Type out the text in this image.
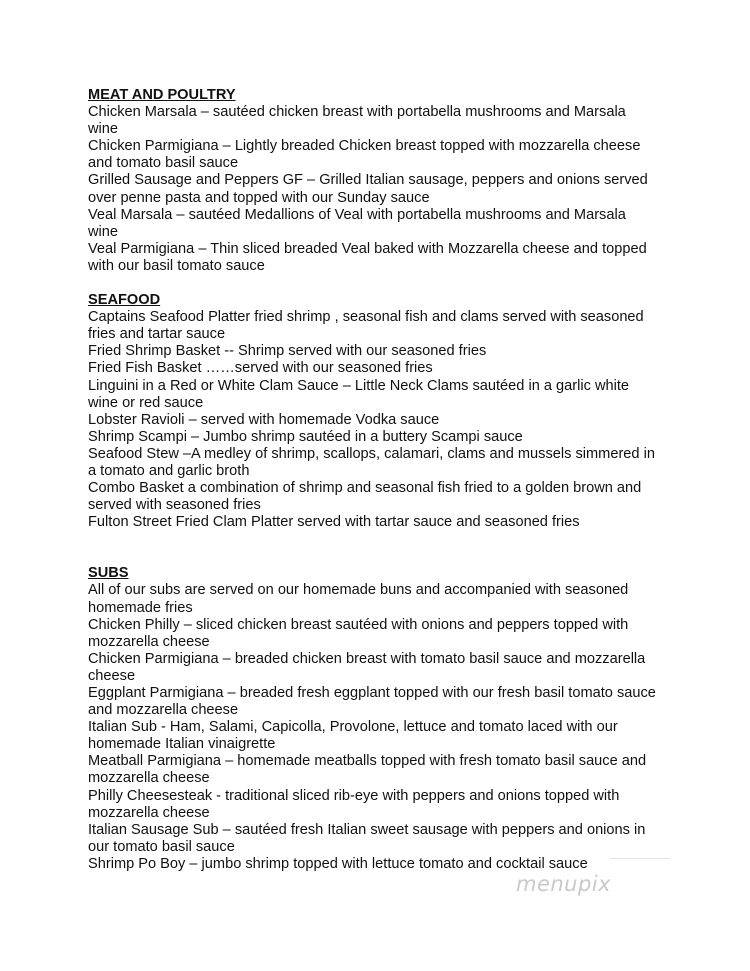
MEAT AND POULTRY

Chicken Marsala – sautéed chicken breast with portabella mushrooms and Marsala
wine

Chicken Parmigiana – Lightly breaded Chicken breast topped with mozzarella cheese
and tomato basil sauce

Grilled Sausage and Peppers GF – Grilled Italian sausage, peppers and onions served
over penne pasta and topped with our Sunday sauce

Veal Marsala – sautéed Medallions of Veal with portabella mushrooms and Marsala
wine

Veal Parmigiana – Thin sliced breaded Veal baked with Mozzarella cheese and topped
with our basil tomato sauce

SEAFOOD

Captains Seafood Platter fried shrimp , seasonal fish and clams served with seasoned
fries and tartar sauce

Fried Shrimp Basket -- Shrimp served with our seasoned fries

Fried Fish Basket ……served with our seasoned fries

Linguini in a Red or White Clam Sauce – Little Neck Clams sautéed in a garlic white
wine or red sauce

Lobster Ravioli – served with homemade Vodka sauce

Shrimp Scampi – Jumbo shrimp sautéed in a buttery Scampi sauce

Seafood Stew –A medley of shrimp, scallops, calamari, clams and mussels simmered in
a tomato and garlic broth

Combo Basket a combination of shrimp and seasonal fish fried to a golden brown and
served with seasoned fries

Fulton Street Fried Clam Platter served with tartar sauce and seasoned fries

SUBS

All of our subs are served on our homemade buns and accompanied with seasoned
homemade fries

Chicken Philly – sliced chicken breast sautéed with onions and peppers topped with
mozzarella cheese

Chicken Parmigiana – breaded chicken breast with tomato basil sauce and mozzarella
cheese

Eggplant Parmigiana – breaded fresh eggplant topped with our fresh basil tomato sauce
and mozzarella cheese

Italian Sub - Ham, Salami, Capicolla, Provolone, lettuce and tomato laced with our
homemade Italian vinaigrette

Meatball Parmigiana – homemade meatballs topped with fresh tomato basil sauce and
mozzarella cheese

Philly Cheesesteak - traditional sliced rib-eye with peppers and onions topped with
mozzarella cheese

Italian Sausage Sub – sautéed fresh Italian sweet sausage with peppers and onions in
our tomato basil sauce

Shrimp Po Boy – jumbo shrimp topped with lettuce tomato and cocktail sauce

menupix
